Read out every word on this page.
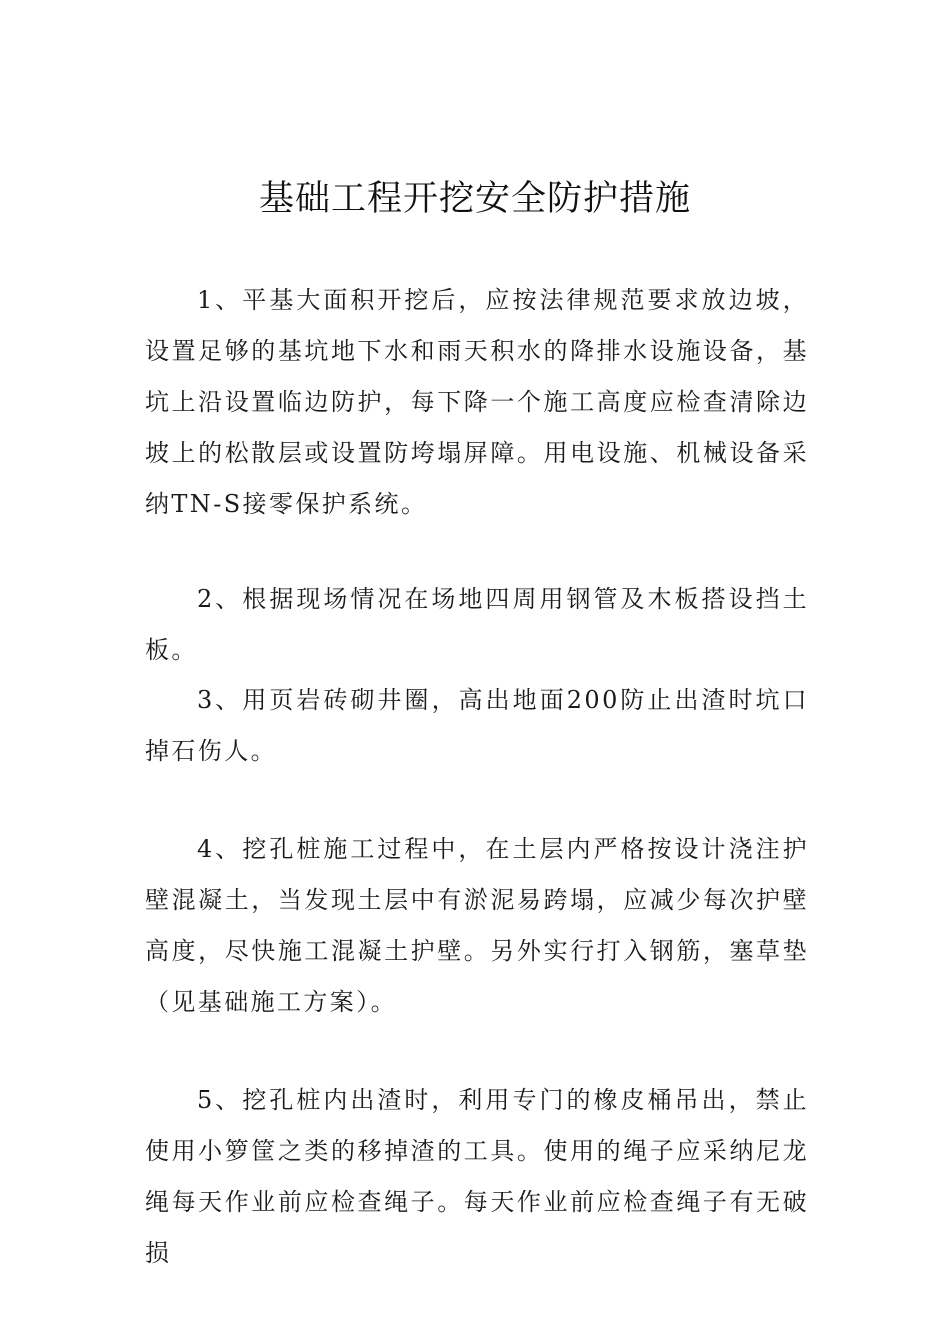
基础工程开挖安全防护措施

1、平基大面积开挖后，应按法律规范要求放边坡，设置足够的基坑地下水和雨天积水的降排水设施设备，基坑上沿设置临边防护，每下降一个施工高度应检查清除边坡上的松散层或设置防垮塌屏障。用电设施、机械设备采纳TN-S接零保护系统。

2、根据现场情况在场地四周用钢管及木板搭设挡土板。

3、用页岩砖砌井圈，高出地面200防止出渣时坑口掉石伤人。

4、挖孔桩施工过程中，在土层内严格按设计浇注护壁混凝土，当发现土层中有淤泥易跨塌，应减少每次护壁高度，尽快施工混凝土护壁。另外实行打入钢筋，塞草垫（见基础施工方案）。

5、挖孔桩内出渣时，利用专门的橡皮桶吊出，禁止使用小箩筐之类的移掉渣的工具。使用的绳子应采纳尼龙绳每天作业前应检查绳子。每天作业前应检查绳子有无破损
